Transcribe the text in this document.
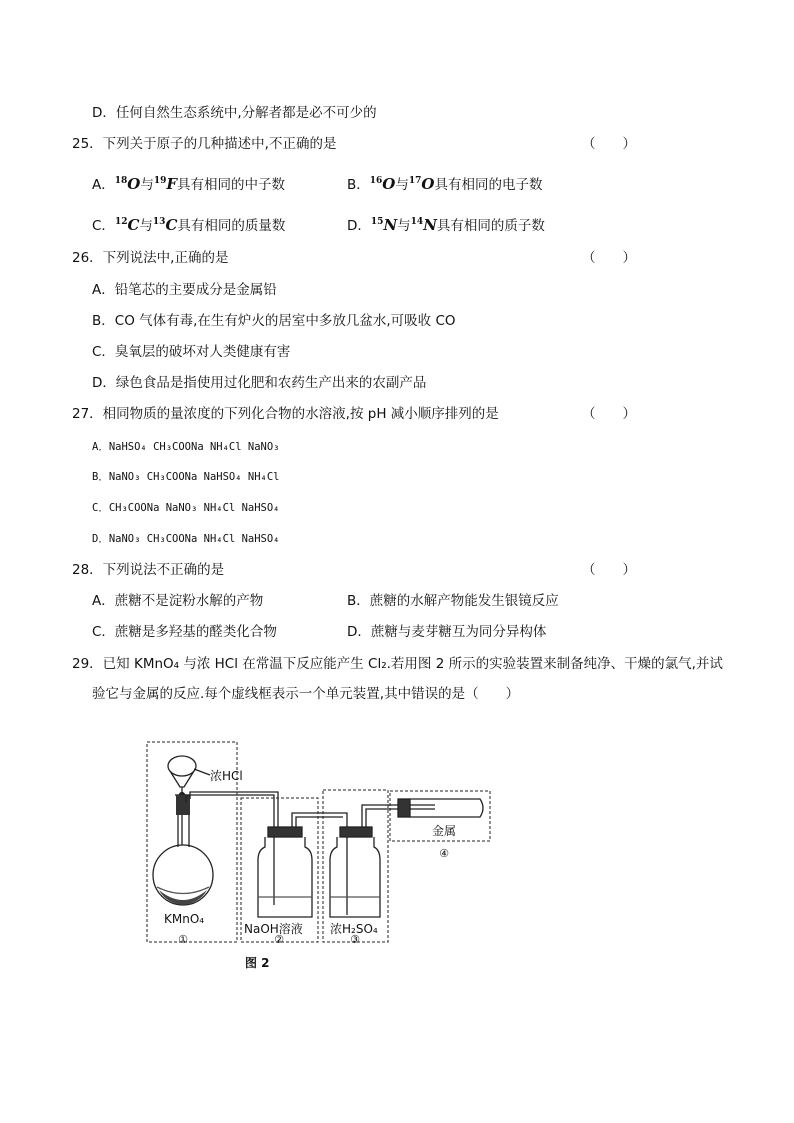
D．任何自然生态系统中,分解者都是必不可少的
25．下列关于原子的几种描述中,不正确的是	（　　）
A．$^{18}$O与$^{19}$F具有相同的中子数	B．$^{16}$O与$^{17}$O具有相同的电子数
C．$^{12}$C与$^{13}$C具有相同的质量数	D．$^{15}$N与$^{14}$N具有相同的质子数
26．下列说法中,正确的是	（　　）
A．铅笔芯的主要成分是金属铅
B．CO 气体有毒,在生有炉火的居室中多放几盆水,可吸收 CO
C．臭氧层的破坏对人类健康有害
D．绿色食品是指使用过化肥和农药生产出来的农副产品
27．相同物质的量浓度的下列化合物的水溶液,按 pH 减小顺序排列的是	（　　）
A．NaHSO₄ CH₃COONa NH₄Cl NaNO₃
B．NaNO₃ CH₃COONa NaHSO₄ NH₄Cl
C．CH₃COONa NaNO₃ NH₄Cl NaHSO₄
D．NaNO₃ CH₃COONa NH₄Cl NaHSO₄
28．下列说法不正确的是	（　　）
A．蔗糖不是淀粉水解的产物	B．蔗糖的水解产物能发生银镜反应
C．蔗糖是多羟基的醛类化合物	D．蔗糖与麦芽糖互为同分异构体
29．已知 KMnO₄ 与浓 HCl 在常温下反应能产生 Cl₂.若用图 2 所示的实验装置来制备纯净、干燥的氯气,并试
验它与金属的反应.每个虚线框表示一个单元装置,其中错误的是（　　）
浓HCl
KMnO₄
NaOH溶液 浓H₂SO₄
金属
①	②	③
④
图 2
